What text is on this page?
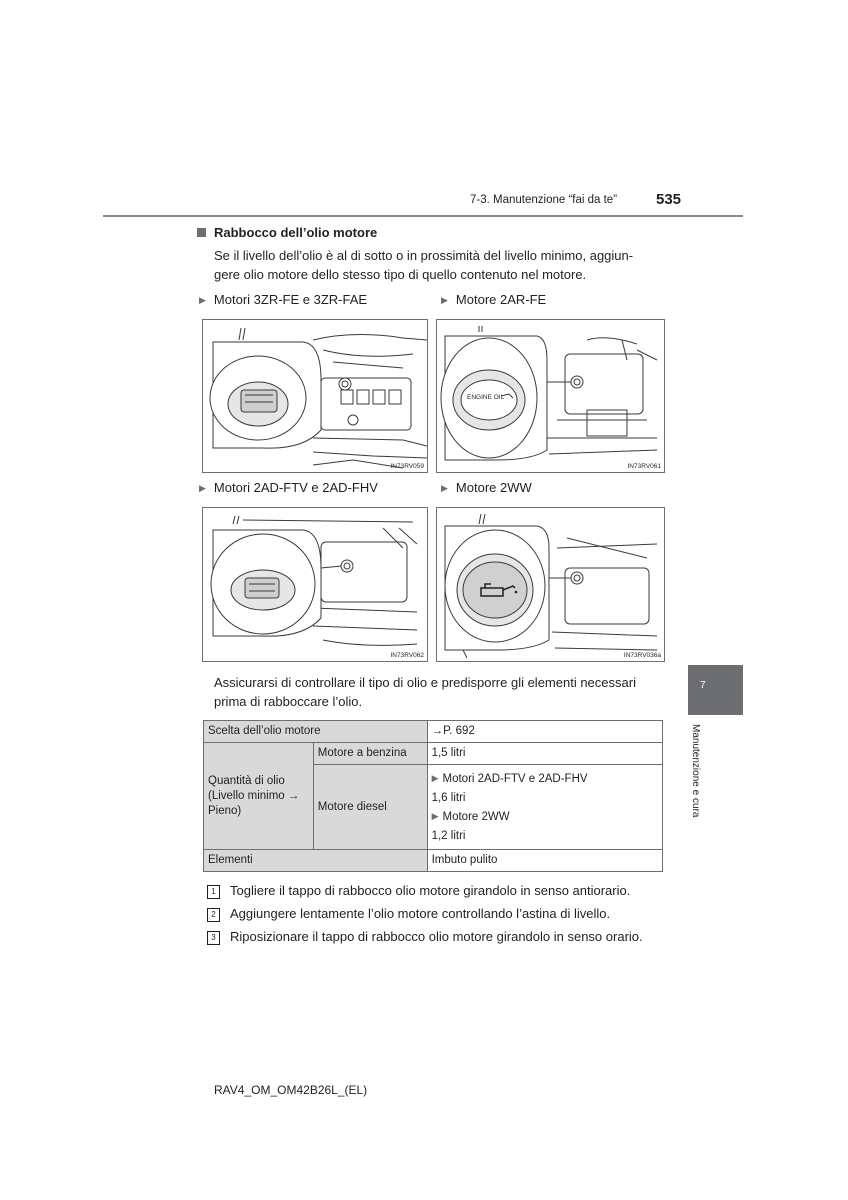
7-3. Manutenzione “fai da te”	535
Rabbocco dell’olio motore
Se il livello dell’olio è al di sotto o in prossimità del livello minimo, aggiun-
gere olio motore dello stesso tipo di quello contenuto nel motore.
▶ Motori 3ZR-FE e 3ZR-FAE	▶ Motore 2AR-FE
▶ Motori 2AD-FTV e 2AD-FHV	▶ Motore 2WW
IN73RV059
ENGINE OIL
IN73RV061
IN73RV062	IN73RV036a
Assicurarsi di controllare il tipo di olio e predisporre gli elementi necessari
prima di rabboccare l’olio.
Scelta dell’olio motore		→P. 692

Quantità di olio
(Livello minimo →
Pieno)	Motore a benzina	1,5 litri
	Motore diesel	▶ Motori 2AD-FTV e 2AD-FHV
1,6 litri
▶ Motore 2WW
1,2 litri

Elementi		Imbuto pulito
1 Togliere il tappo di rabbocco olio motore girandolo in senso antiorario.
2 Aggiungere lentamente l’olio motore controllando l’astina di livello.
3 Riposizionare il tappo di rabbocco olio motore girandolo in senso orario.
7
Manutenzione e cura
RAV4_OM_OM42B26L_(EL)
